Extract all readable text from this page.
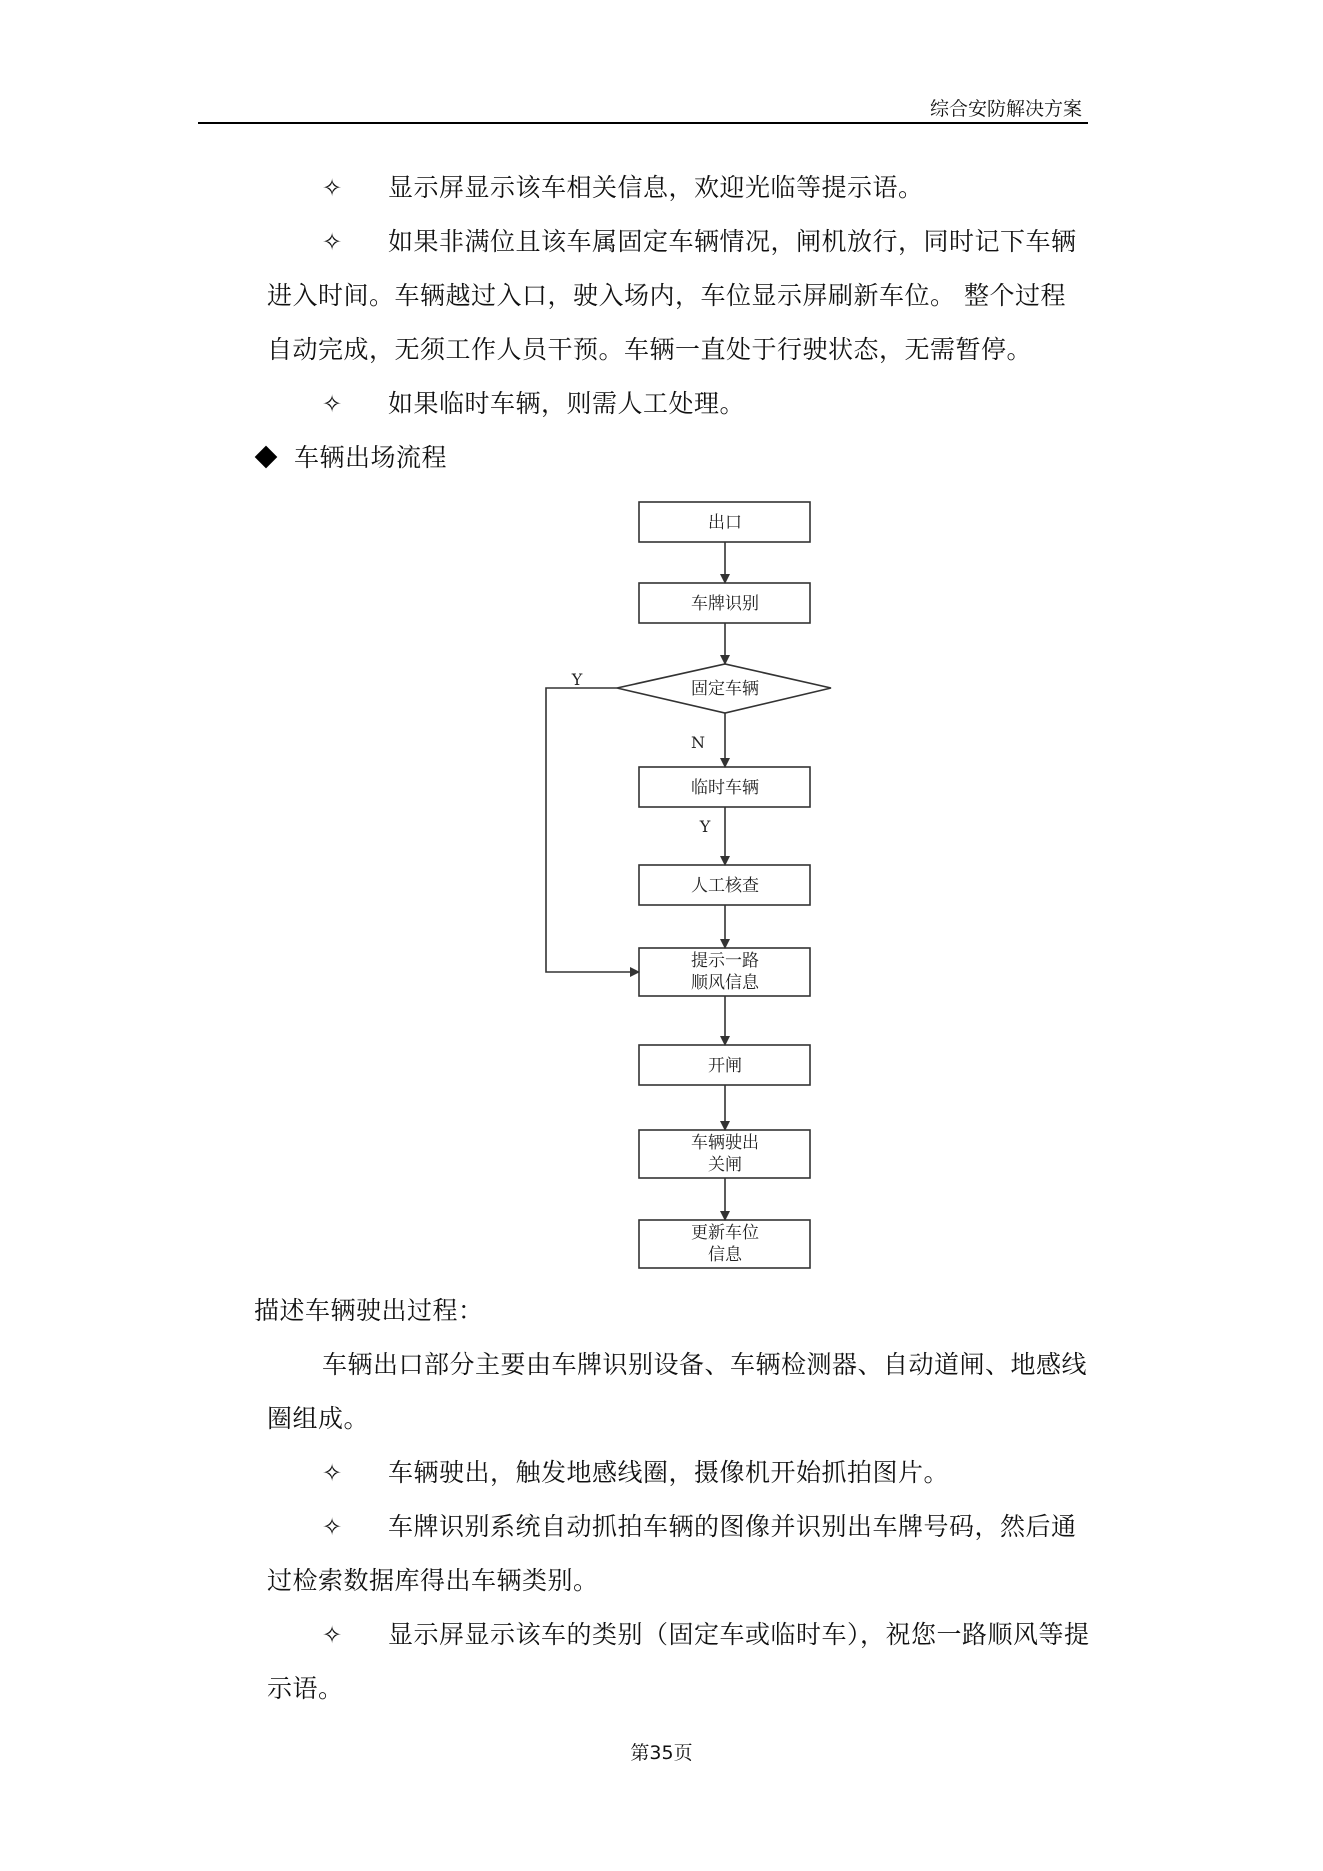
综合安防解决方案
✧ 显示屏显示该车相关信息，欢迎光临等提示语。
✧ 如果非满位且该车属固定车辆情况，闸机放行，同时记下车辆
进入时间。车辆越过入口，驶入场内，车位显示屏刷新车位。 整个过程
自动完成，无须工作人员干预。车辆一直处于行驶状态，无需暂停。
✧ 如果临时车辆，则需人工处理。
车辆出场流程
出口
车牌识别
固定车辆
临时车辆
人工核查
提示一路
顺风信息
开闸
车辆驶出
关闸
更新车位
信息
Y
N
Y
描述车辆驶出过程：
车辆出口部分主要由车牌识别设备、车辆检测器、自动道闸、地感线
圈组成。
✧ 车辆驶出，触发地感线圈，摄像机开始抓拍图片。
✧ 车牌识别系统自动抓拍车辆的图像并识别出车牌号码，然后通
过检索数据库得出车辆类别。
✧ 显示屏显示该车的类别（固定车或临时车），祝您一路顺风等提
示语。
第35页
